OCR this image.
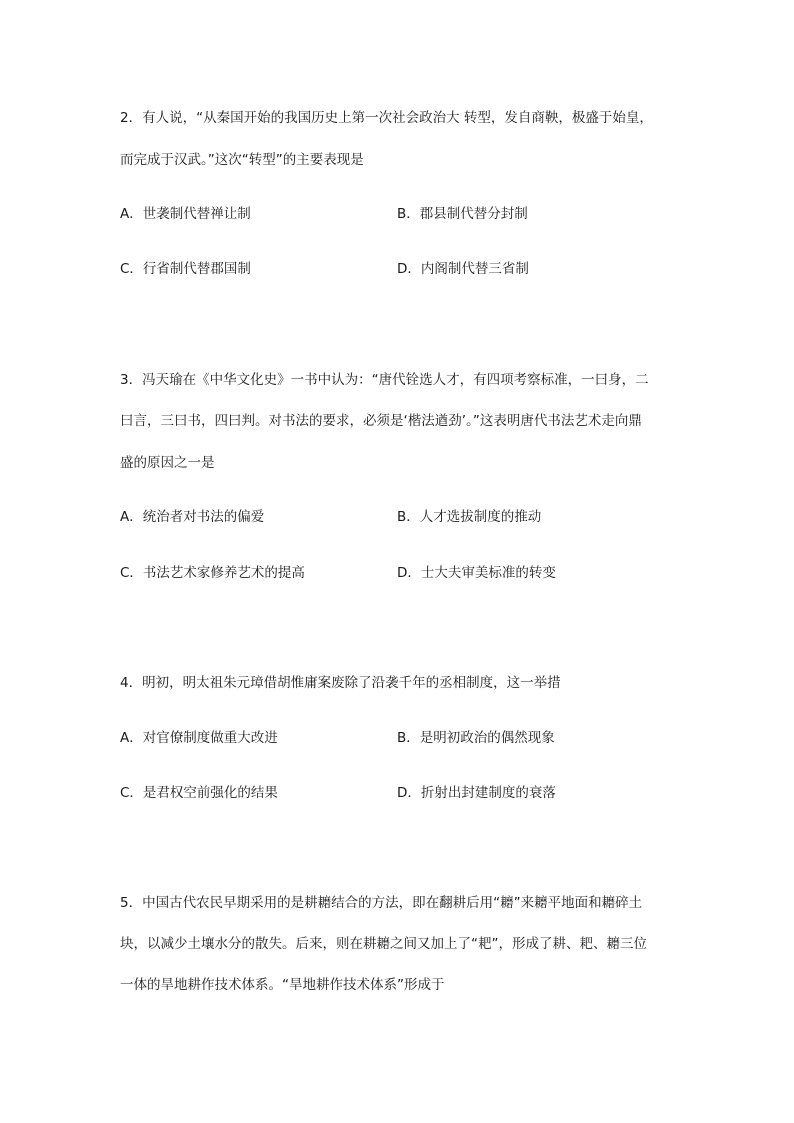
2．有人说，“从秦国开始的我国历史上第一次社会政治大 转型，发自商鞅，极盛于始皇，
而完成于汉武。”这次“转型”的主要表现是
A．世袭制代替禅让制	B．郡县制代替分封制
C．行省制代替郡国制	D．内阁制代替三省制
3．冯天瑜在《中华文化史》一书中认为：“唐代铨选人才，有四项考察标准，一曰身，二
曰言，三曰书，四曰判。对书法的要求，必须是‘楷法遒劲’。”这表明唐代书法艺术走向鼎
盛的原因之一是
A．统治者对书法的偏爱	B．人才选拔制度的推动
C．书法艺术家修养艺术的提高	D．士大夫审美标准的转变
4．明初，明太祖朱元璋借胡惟庸案废除了沿袭千年的丞相制度，这一举措
A．对官僚制度做重大改进	B．是明初政治的偶然现象
C．是君权空前强化的结果	D．折射出封建制度的衰落
5．中国古代农民早期采用的是耕耱结合的方法，即在翻耕后用“耱”来耱平地面和耱碎土
块，以减少土壤水分的散失。后来，则在耕耱之间又加上了“耙”，形成了耕、耙、耱三位
一体的旱地耕作技术体系。“旱地耕作技术体系”形成于
